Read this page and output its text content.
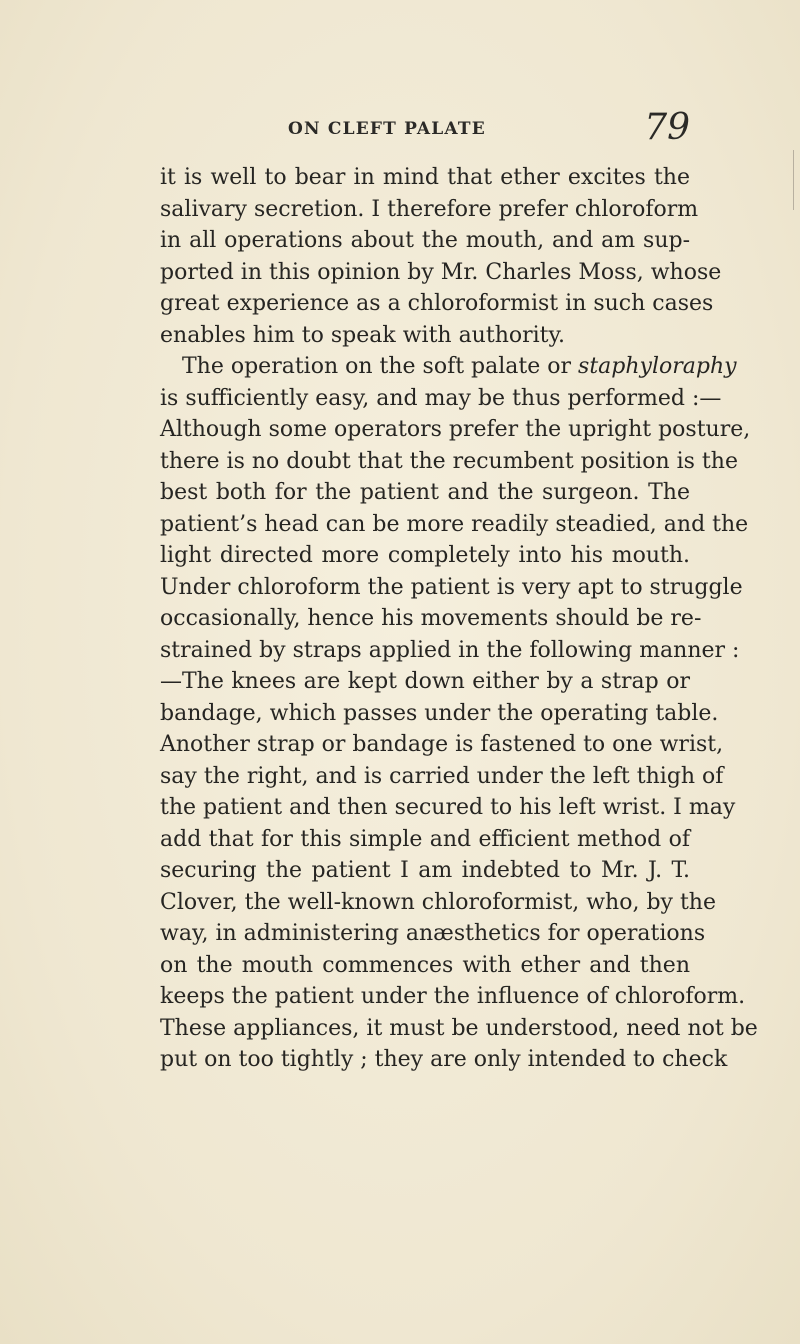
ON CLEFT PALATE	79
it is well to bear in mind that ether excites the
salivary secretion. I therefore prefer chloroform
in all operations about the mouth, and am sup-
ported in this opinion by Mr. Charles Moss, whose
great experience as a chloroformist in such cases
enables him to speak with authority.
The operation on the soft palate or staphyloraphy
is sufficiently easy, and may be thus performed :—
Although some operators prefer the upright posture,
there is no doubt that the recumbent position is the
best both for the patient and the surgeon. The
patient’s head can be more readily steadied, and the
light directed more completely into his mouth.
Under chloroform the patient is very apt to struggle
occasionally, hence his movements should be re-
strained by straps applied in the following manner :
—The knees are kept down either by a strap or
bandage, which passes under the operating table.
Another strap or bandage is fastened to one wrist,
say the right, and is carried under the left thigh of
the patient and then secured to his left wrist. I may
add that for this simple and efficient method of
securing the patient I am indebted to Mr. J. T.
Clover, the well-known chloroformist, who, by the
way, in administering anæsthetics for operations
on the mouth commences with ether and then
keeps the patient under the influence of chloroform.
These appliances, it must be understood, need not be
put on too tightly ; they are only intended to check
